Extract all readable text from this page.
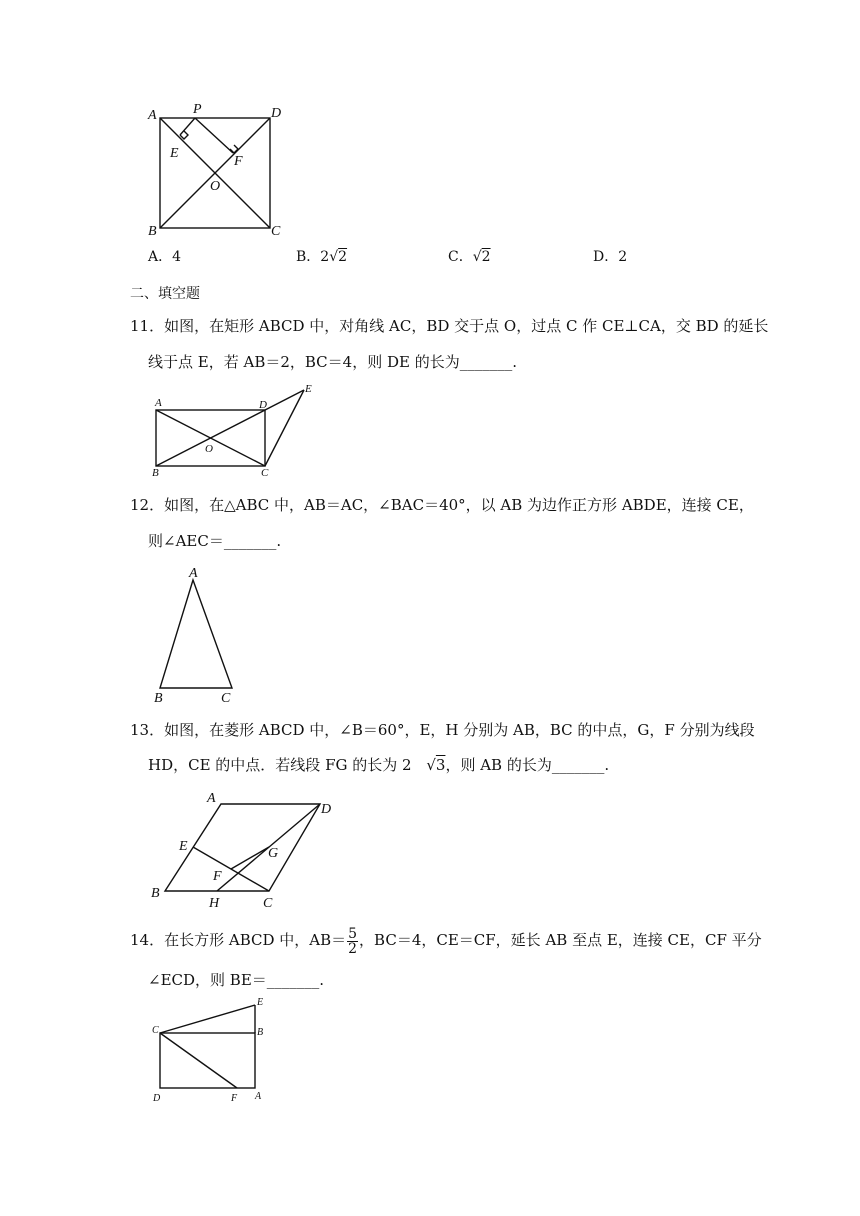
A	P	D
E
F
O
B	C
A．4	B．2√2	C．√2	D．2
二、填空题
11．如图，在矩形 ABCD 中，对角线 AC，BD 交于点 O，过点 C 作 CE⊥CA，交 BD 的延长
线于点 E，若 AB＝2，BC＝4，则 DE 的长为_______.
A	D
E
O
B	C
12．如图，在△ABC 中，AB＝AC，∠BAC＝40°，以 AB 为边作正方形 ABDE，连接 CE，
则∠AEC＝_______.
A
B	C
13．如图，在菱形 ABCD 中，∠B＝60°，E，H 分别为 AB，BC 的中点，G，F 分别为线段
HD，CE 的中点．若线段 FG 的长为 2 √3，则 AB 的长为_______.
A
D
E	G
F
B
H	C
14．在长方形 ABCD 中，$AB= \frac{5}{2}$ ，BC＝4，CE＝CF，延长 AB 至点 E，连接 CE，CF 平分
∠ECD，则 BE＝_______.
E
C	B
D	F A
